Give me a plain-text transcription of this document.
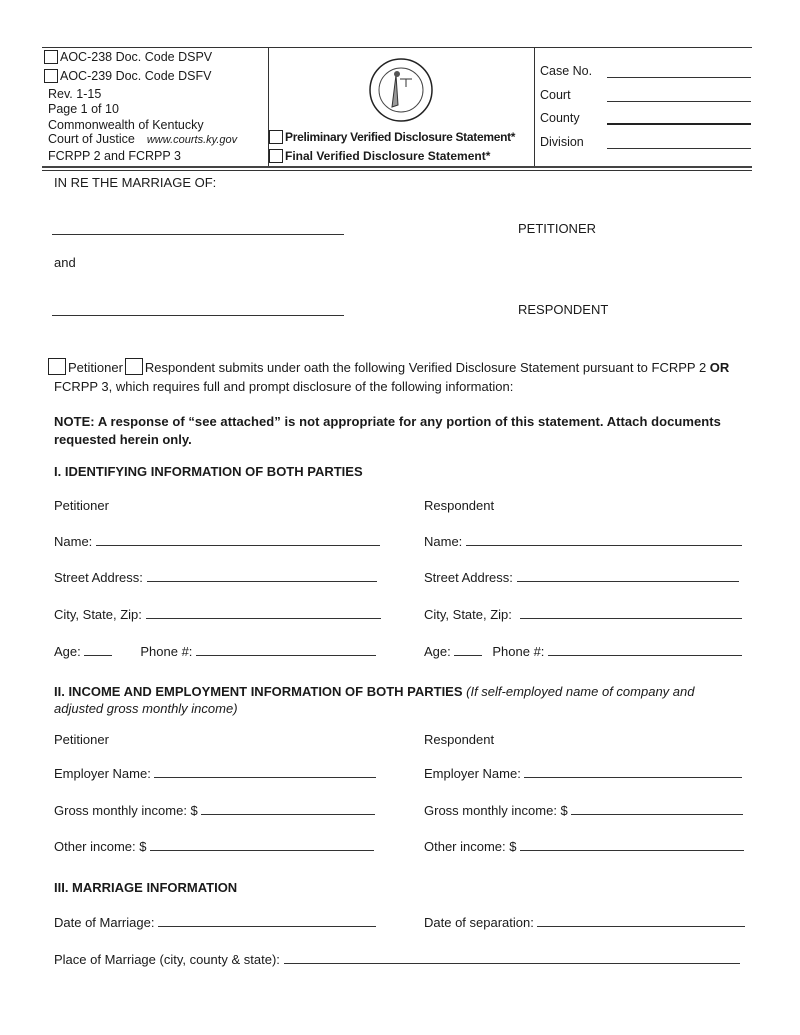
AOC-238 Doc. Code DSPV
AOC-239 Doc. Code DSFV
Rev. 1-15
Page 1 of 10
Commonwealth of Kentucky
Court of Justice www.courts.ky.gov
FCRPP 2 and FCRPP 3
Preliminary Verified Disclosure Statement*
Final Verified Disclosure Statement*
Case No.
Court
County
Division
IN RE THE MARRIAGE OF:
PETITIONER
and
RESPONDENT
Petitioner Respondent submits under oath the following Verified Disclosure Statement pursuant to FCRPP 2 OR
FCRPP 3, which requires full and prompt disclosure of the following information:
NOTE: A response of “see attached” is not appropriate for any portion of this statement. Attach documents
requested herein only.
I. IDENTIFYING INFORMATION OF BOTH PARTIES
Petitioner	Respondent
Name:	Name:
Street Address:	Street Address:
City, State, Zip:	City, State, Zip:
Age:	Phone #:	Age:	Phone #:
II. INCOME AND EMPLOYMENT INFORMATION OF BOTH PARTIES (If self-employed name of company and
adjusted gross monthly income)
Petitioner	Respondent
Employer Name:	Employer Name:
Gross monthly income: $	Gross monthly income: $
Other income: $	Other income: $
III. MARRIAGE INFORMATION
Date of Marriage:	Date of separation:
Place of Marriage (city, county & state):
